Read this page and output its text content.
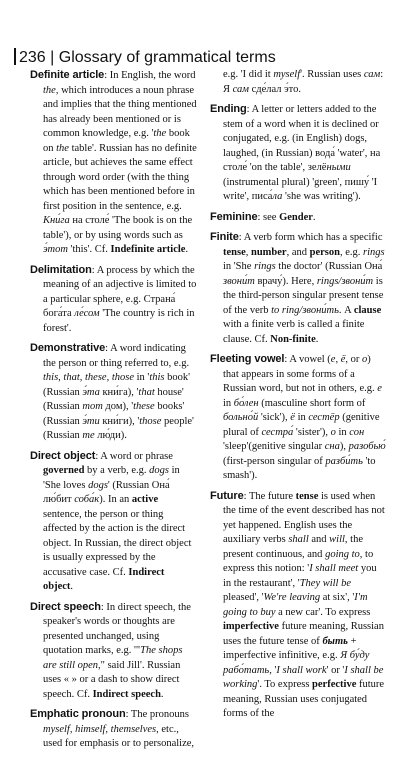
236 | Glossary of grammatical terms

Definite article: In English, the word the, which introduces a noun phrase and implies that the thing mentioned has already been mentioned or is common knowledge, e.g. 'the book on the table'. Russian has no definite article, but achieves the same effect through word order (with the thing which has been mentioned before in first position in the sentence, e.g. Кни́га на столе́ 'The book is on the table'), or by using words such as э́тот 'this'. Cf. Indefinite article.

Delimitation: A process by which the meaning of an adjective is limited to a particular sphere, e.g. Страна́ бога́та ле́сом 'The country is rich in forest'.

Demonstrative: A word indicating the person or thing referred to, e.g. this, that, these, those in 'this book' (Russian э́та кни́га), 'that house' (Russian тот дом), 'these books' (Russian э́ти кни́ги), 'those people' (Russian те лю́ди).

Direct object: A word or phrase governed by a verb, e.g. dogs in 'She loves dogs' (Russian Она́ лю́бит соба́к). In an active sentence, the person or thing affected by the action is the direct object. In Russian, the direct object is usually expressed by the accusative case. Cf. Indirect object.

Direct speech: In direct speech, the speaker's words or thoughts are presented unchanged, using quotation marks, e.g. '"The shops are still open," said Jill'. Russian uses « » or a dash to show direct speech. Cf. Indirect speech.

Emphatic pronoun: The pronouns myself, himself, themselves, etc., used for emphasis or to personalize,

e.g. 'I did it myself'. Russian uses сам: Я сам сде́лал э́то.

Ending: A letter or letters added to the stem of a word when it is declined or conjugated, e.g. (in English) dogs, laughed, (in Russian) вода́ 'water', на столе́ 'on the table', зелёными (instrumental plural) 'green', пишу́ 'I write', писа́ла 'she was writing').

Feminine: see Gender.

Finite: A verb form which has a specific tense, number, and person, e.g. rings in 'She rings the doctor' (Russian Она́ звони́т врачу́). Here, rings/звони́т is the third-person singular present tense of the verb to ring/звони́ть. A clause with a finite verb is called a finite clause. Cf. Non-finite.

Fleeting vowel: A vowel (е, ё, or о) that appears in some forms of a Russian word, but not in others, e.g. е in бо́лен (masculine short form of больно́й 'sick'), ё in сестёр (genitive plural of сестра́ 'sister'), о in сон 'sleep'(genitive singular сна), разобью́ (first-person singular of разби́ть 'to smash').

Future: The future tense is used when the time of the event described has not yet happened. English uses the auxiliary verbs shall and will, the present continuous, and going to, to express this notion: 'I shall meet you in the restaurant', 'They will be pleased', 'We're leaving at six', 'I'm going to buy a new car'. To express imperfective future meaning, Russian uses the future tense of быть + imperfective infinitive, e.g. Я бу́ду рабо́тать, 'I shall work' or 'I shall be working'. To express perfective future meaning, Russian uses conjugated forms of the
